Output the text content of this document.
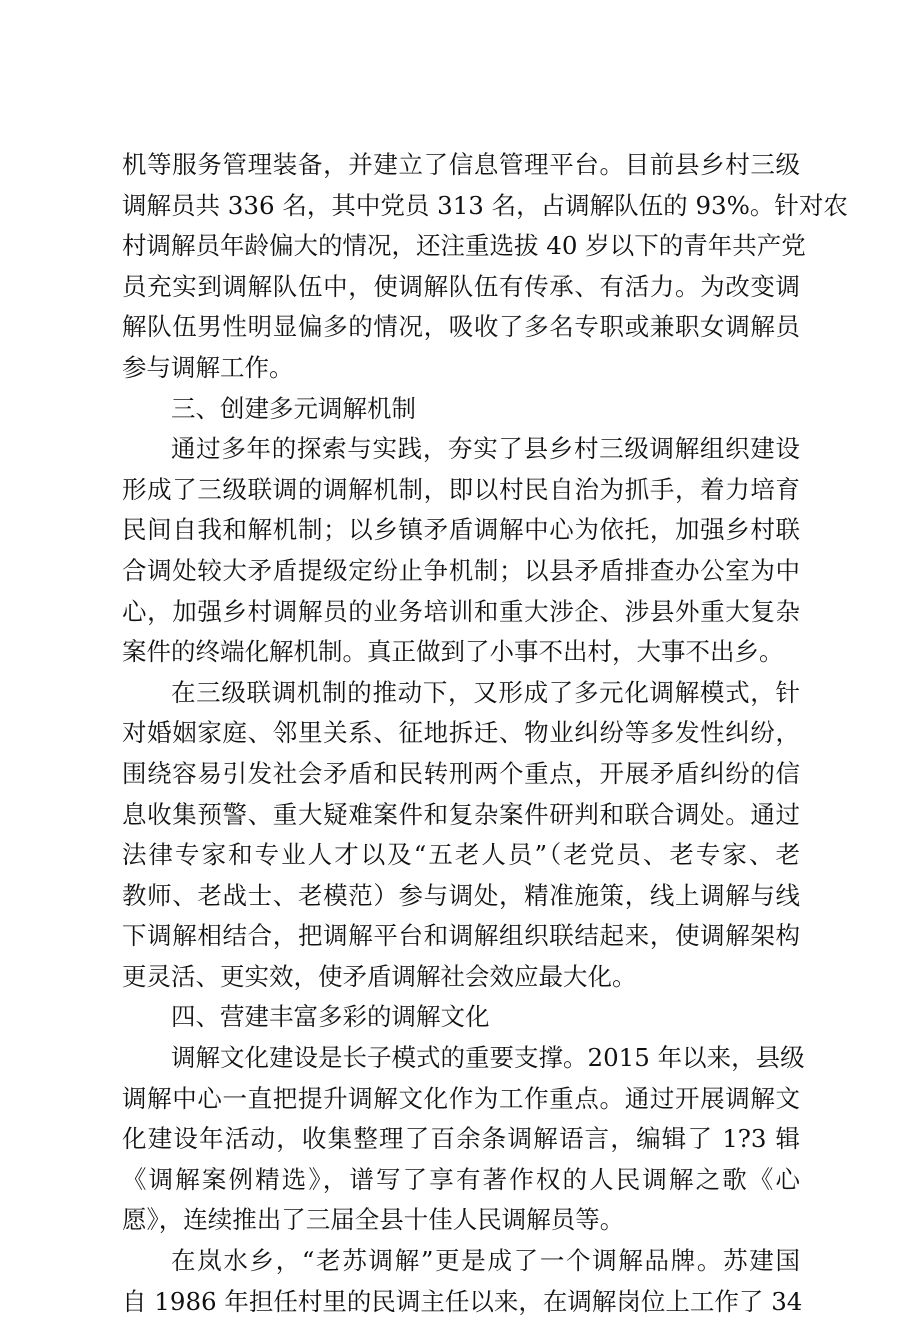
机等服务管理装备，并建立了信息管理平台。目前县乡村三级
调解员共 336 名，其中党员 313 名，占调解队伍的 93%。针对农
村调解员年龄偏大的情况，还注重选拔 40 岁以下的青年共产党
员充实到调解队伍中，使调解队伍有传承、有活力。为改变调
解队伍男性明显偏多的情况，吸收了多名专职或兼职女调解员
参与调解工作。
三、创建多元调解机制
通过多年的探索与实践，夯实了县乡村三级调解组织建设
形成了三级联调的调解机制，即以村民自治为抓手，着力培育
民间自我和解机制；以乡镇矛盾调解中心为依托，加强乡村联
合调处较大矛盾提级定纷止争机制；以县矛盾排查办公室为中
心，加强乡村调解员的业务培训和重大涉企、涉县外重大复杂
案件的终端化解机制。真正做到了小事不出村，大事不出乡。
在三级联调机制的推动下，又形成了多元化调解模式，针
对婚姻家庭、邻里关系、征地拆迁、物业纠纷等多发性纠纷，
围绕容易引发社会矛盾和民转刑两个重点，开展矛盾纠纷的信
息收集预警、重大疑难案件和复杂案件研判和联合调处。通过
法律专家和专业人才以及“五老人员”（老党员、老专家、老
教师、老战士、老模范）参与调处，精准施策，线上调解与线
下调解相结合，把调解平台和调解组织联结起来，使调解架构
更灵活、更实效，使矛盾调解社会效应最大化。
四、营建丰富多彩的调解文化
调解文化建设是长子模式的重要支撑。2015 年以来，县级
调解中心一直把提升调解文化作为工作重点。通过开展调解文
化建设年活动，收集整理了百余条调解语言，编辑了 1?3 辑
《调解案例精选》，谱写了享有著作权的人民调解之歌《心
愿》，连续推出了三届全县十佳人民调解员等。
在岚水乡，“老苏调解”更是成了一个调解品牌。苏建国
自 1986 年担任村里的民调主任以来，在调解岗位上工作了 34
